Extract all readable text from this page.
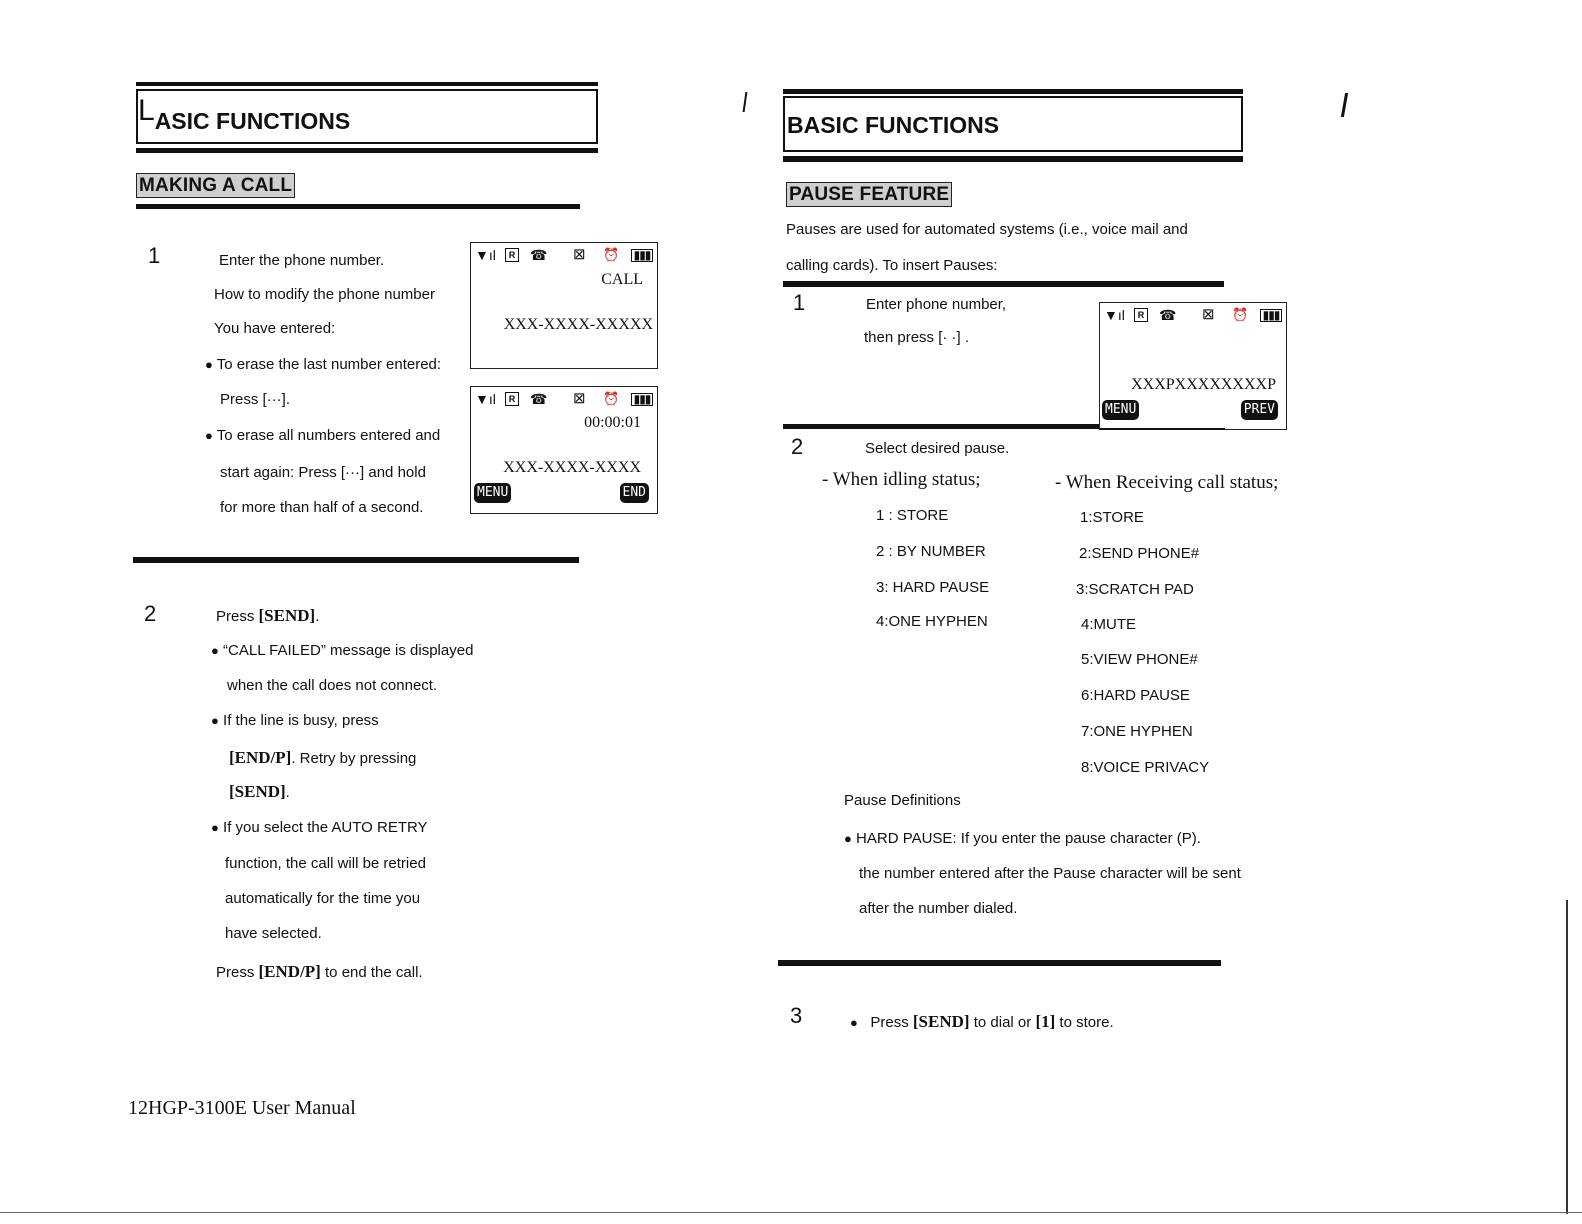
LASIC FUNCTIONS
MAKING A CALL
1	Enter the phone number.
How to modify the phone number
You have entered:
● To erase the last number entered:
Press [···].
● To erase all numbers entered and
start again: Press [···] and hold
for more than half of a second.
▼ıl	R ☎ ⊠ ⏰ ▮▮▮
CALL
XXX-XXXX-XXXXX
▼ıl	R ☎ ⊠ ⏰ ▮▮▮
00:00:01
XXX-XXXX-XXXX
MENU	END
2	Press [SEND].
● “CALL FAILED” message is displayed
when the call does not connect.
● If the line is busy, press
[END/P]. Retry by pressing
[SEND].
● If you select the AUTO RETRY
function, the call will be retried
automatically for the time you
have selected.
Press [END/P] to end the call.
12HGP-3100E User Manual
BASIC FUNCTIONS
PAUSE FEATURE
Pauses are used for automated systems (i.e., voice mail and
calling cards). To insert Pauses:
1	Enter phone number,
then press [· ·] .
▼ıl	R ☎ ⊠ ⏰ ▮▮▮
XXXPXXXXXXXXP
MENU	PREV
2	Select desired pause.
- When idling status;	- When Receiving call status;
1 : STORE
2 : BY NUMBER
3: HARD PAUSE
4:ONE HYPHEN
1:STORE
2:SEND PHONE#
3:SCRATCH PAD
4:MUTE
5:VIEW PHONE#
6:HARD PAUSE
7:ONE HYPHEN
8:VOICE PRIVACY
Pause Definitions
● HARD PAUSE: If you enter the pause character (P).
the number entered after the Pause character will be sent
after the number dialed.
3	● Press [SEND] to dial or [1] to store.
